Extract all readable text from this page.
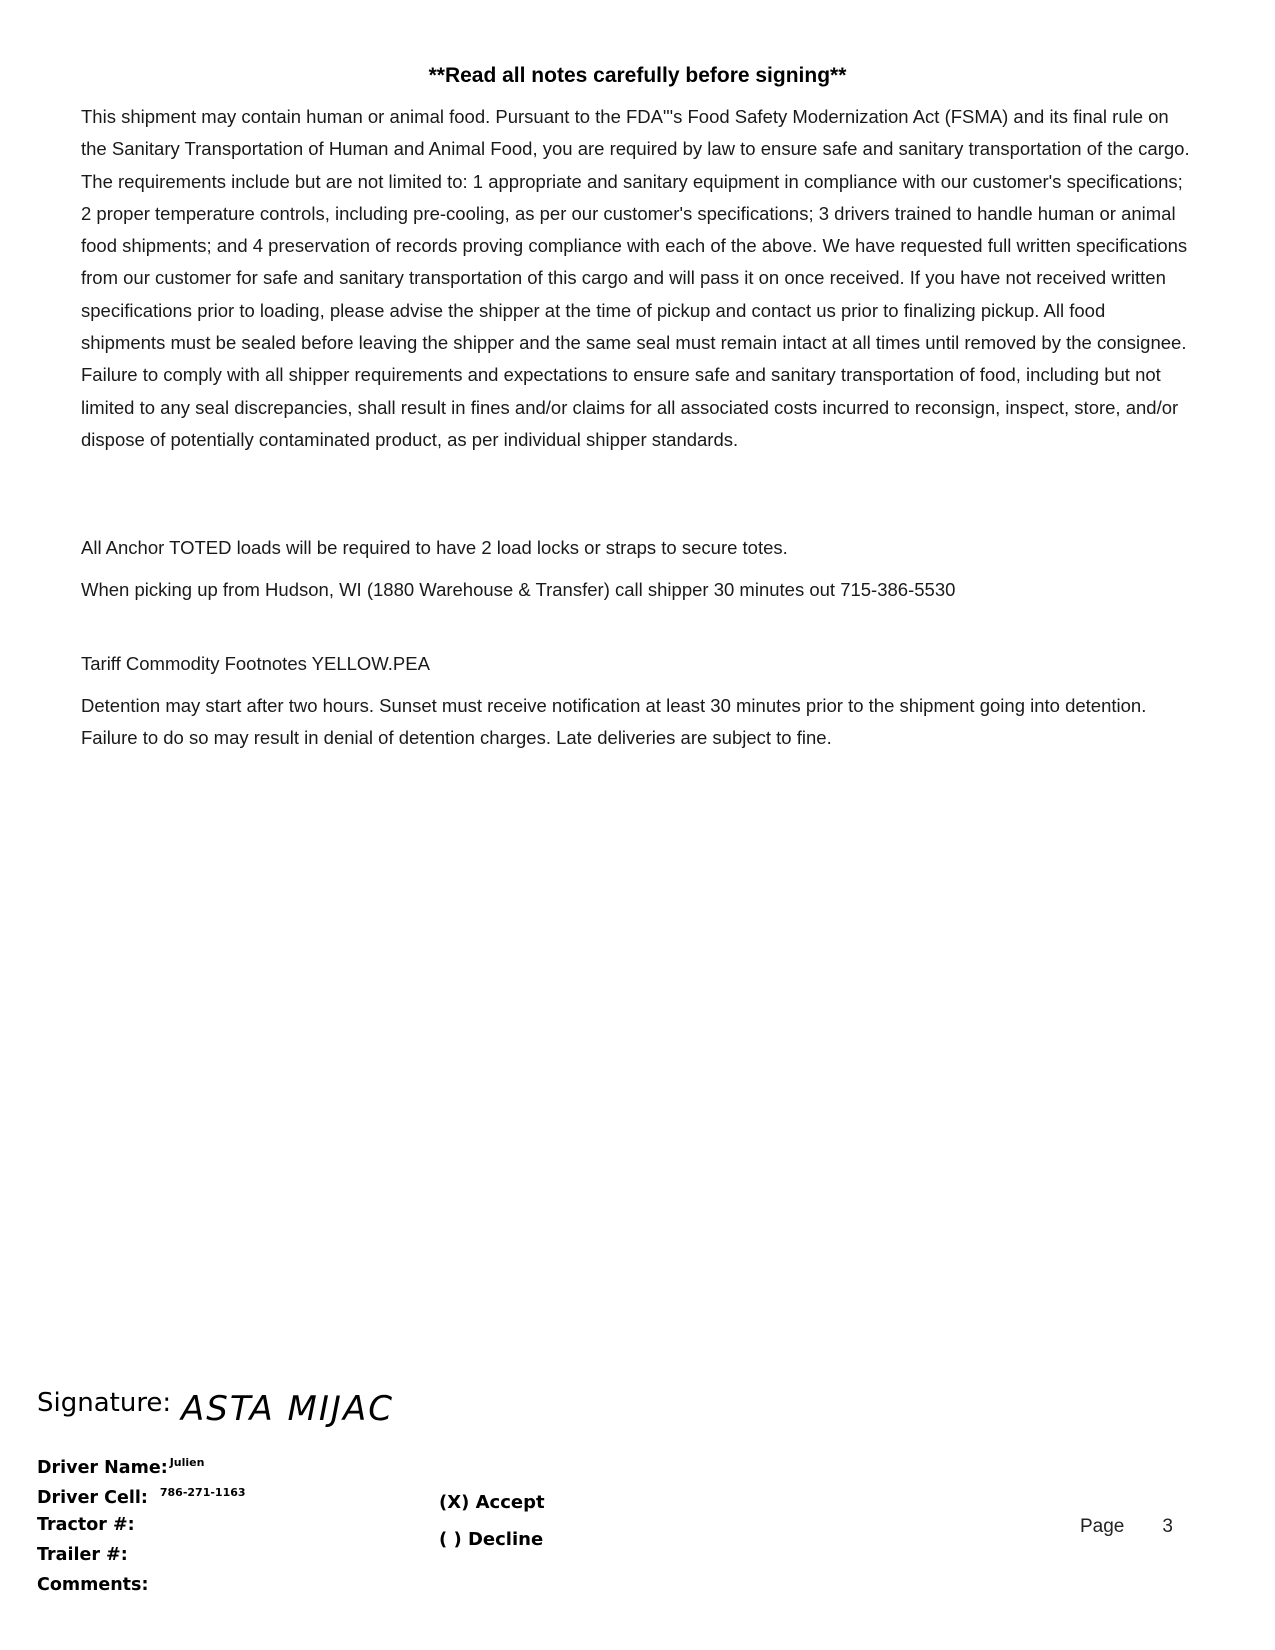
**Read all notes carefully before signing**
This shipment may contain human or animal food. Pursuant to the FDA"'s Food Safety Modernization Act (FSMA) and its final rule on the Sanitary Transportation of Human and Animal Food, you are required by law to ensure safe and sanitary transportation of the cargo. The requirements include but are not limited to: 1 appropriate and sanitary equipment in compliance with our customer's specifications; 2 proper temperature controls, including pre-cooling, as per our customer's specifications; 3 drivers trained to handle human or animal food shipments; and 4 preservation of records proving compliance with each of the above. We have requested full written specifications from our customer for safe and sanitary transportation of this cargo and will pass it on once received. If you have not received written specifications prior to loading, please advise the shipper at the time of pickup and contact us prior to finalizing pickup. All food shipments must be sealed before leaving the shipper and the same seal must remain intact at all times until removed by the consignee. Failure to comply with all shipper requirements and expectations to ensure safe and sanitary transportation of food, including but not limited to any seal discrepancies, shall result in fines and/or claims for all associated costs incurred to reconsign, inspect, store, and/or dispose of potentially contaminated product, as per individual shipper standards.
All Anchor TOTED loads will be required to have 2 load locks or straps to secure totes.
When picking up from Hudson, WI (1880 Warehouse & Transfer) call shipper 30 minutes out 715-386-5530
Tariff Commodity Footnotes YELLOW.PEA
Detention may start after two hours. Sunset must receive notification at least 30 minutes prior to the shipment going into detention. Failure to do so may result in denial of detention charges. Late deliveries are subject to fine.
Signature: ASTA MIJAC
Driver Name: $^{Julien}$
Driver Cell: $^{786-271-1163}$
Tractor #:
Trailer #:
Comments:
(X) Accept
( ) Decline
Page 3
